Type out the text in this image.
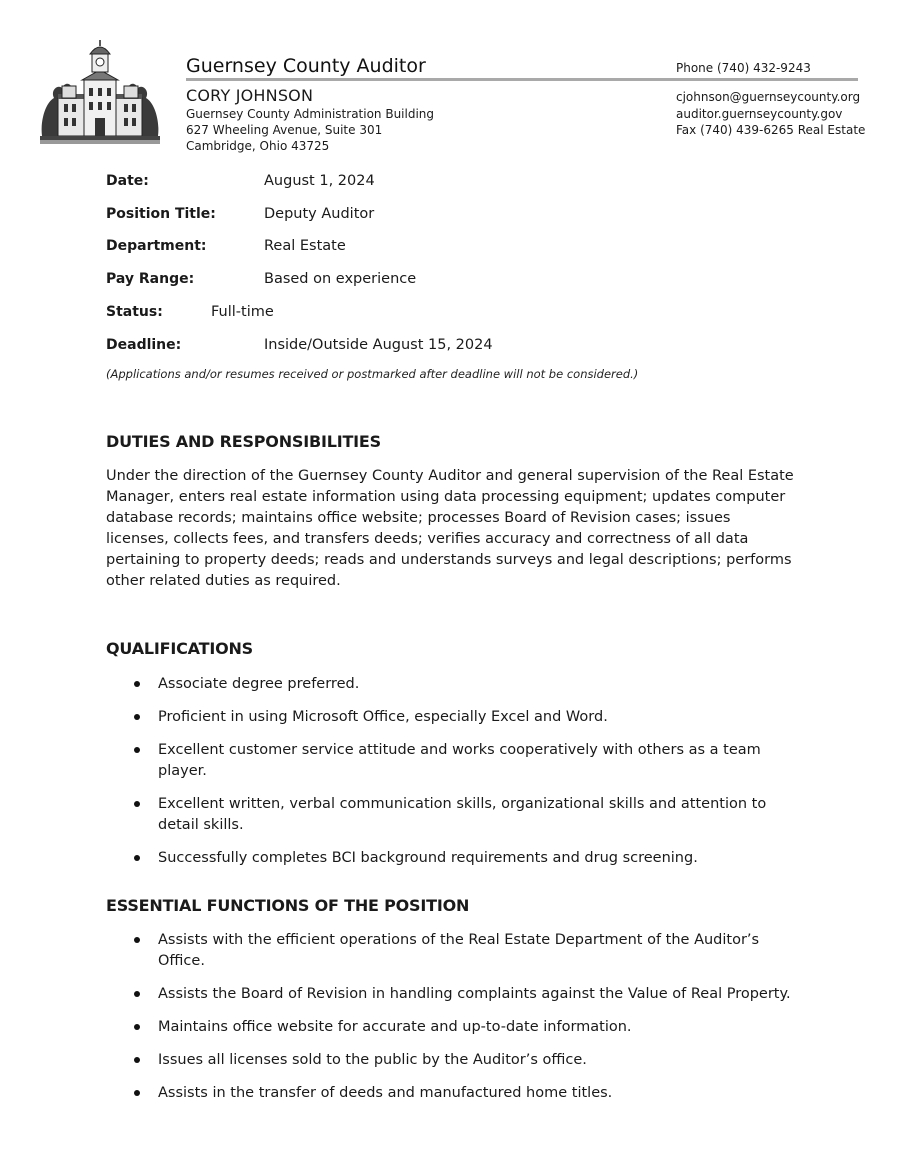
Guernsey County Auditor	Phone (740) 432-9243
CORY JOHNSON
Guernsey County Administration Building
627 Wheeling Avenue, Suite 301
Cambridge, Ohio 43725
cjohnson@guernseycounty.org
auditor.guernseycounty.gov
Fax (740) 439-6265 Real Estate
Date:	August 1, 2024
Position Title:	Deputy Auditor
Department:	Real Estate
Pay Range:	Based on experience
Status:	Full-time
Deadline:	Inside/Outside August 15, 2024
(Applications and/or resumes received or postmarked after deadline will not be considered.)
DUTIES AND RESPONSIBILITIES
Under the direction of the Guernsey County Auditor and general supervision of the Real Estate Manager, enters real estate information using data processing equipment; updates computer database records; maintains office website; processes Board of Revision cases; issues licenses, collects fees, and transfers deeds; verifies accuracy and correctness of all data pertaining to property deeds; reads and understands surveys and legal descriptions; performs other related duties as required.
QUALIFICATIONS
Associate degree preferred.
Proficient in using Microsoft Office, especially Excel and Word.
Excellent customer service attitude and works cooperatively with others as a team player.
Excellent written, verbal communication skills, organizational skills and attention to detail skills.
Successfully completes BCI background requirements and drug screening.
ESSENTIAL FUNCTIONS OF THE POSITION
Assists with the efficient operations of the Real Estate Department of the Auditor’s Office.
Assists the Board of Revision in handling complaints against the Value of Real Property.
Maintains office website for accurate and up-to-date information.
Issues all licenses sold to the public by the Auditor’s office.
Assists in the transfer of deeds and manufactured home titles.
